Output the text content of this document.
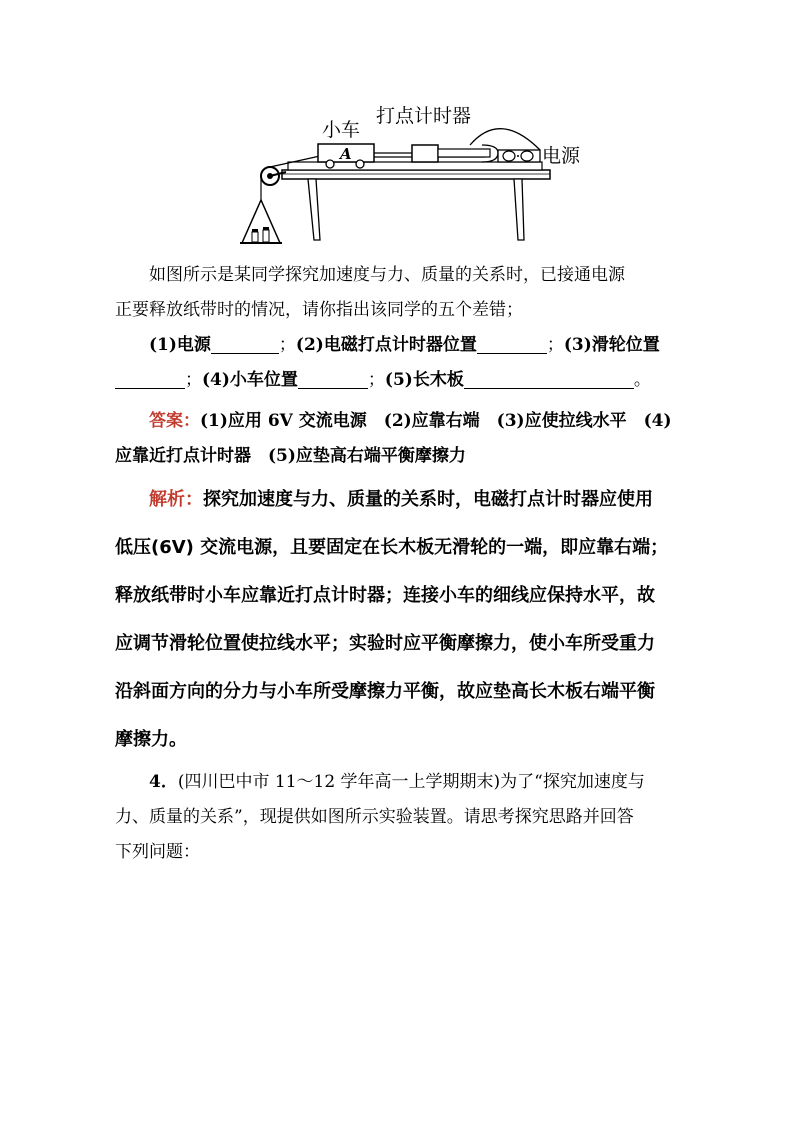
小车
打点计时器
电源
A
如图所示是某同学探究加速度与力、质量的关系时，已接通电源
正要释放纸带时的情况，请你指出该同学的五个差错；
(1)电源	；(2)电磁打点计时器位置	；(3)滑轮位置
；(4)小车位置	；(5)长木板	。
答案：(1)应用 6V 交流电源　(2)应靠右端　(3)应使拉线水平　(4)
应靠近打点计时器　(5)应垫高右端平衡摩擦力
解析：探究加速度与力、质量的关系时，电磁打点计时器应使用
低压(6V) 交流电源，且要固定在长木板无滑轮的一端，即应靠右端；
释放纸带时小车应靠近打点计时器；连接小车的细线应保持水平，故
应调节滑轮位置使拉线水平；实验时应平衡摩擦力，使小车所受重力
沿斜面方向的分力与小车所受摩擦力平衡，故应垫高长木板右端平衡
摩擦力。
4．(四川巴中市 11～12 学年高一上学期期末)为了“探究加速度与
力、质量的关系”，现提供如图所示实验装置。请思考探究思路并回答
下列问题：
